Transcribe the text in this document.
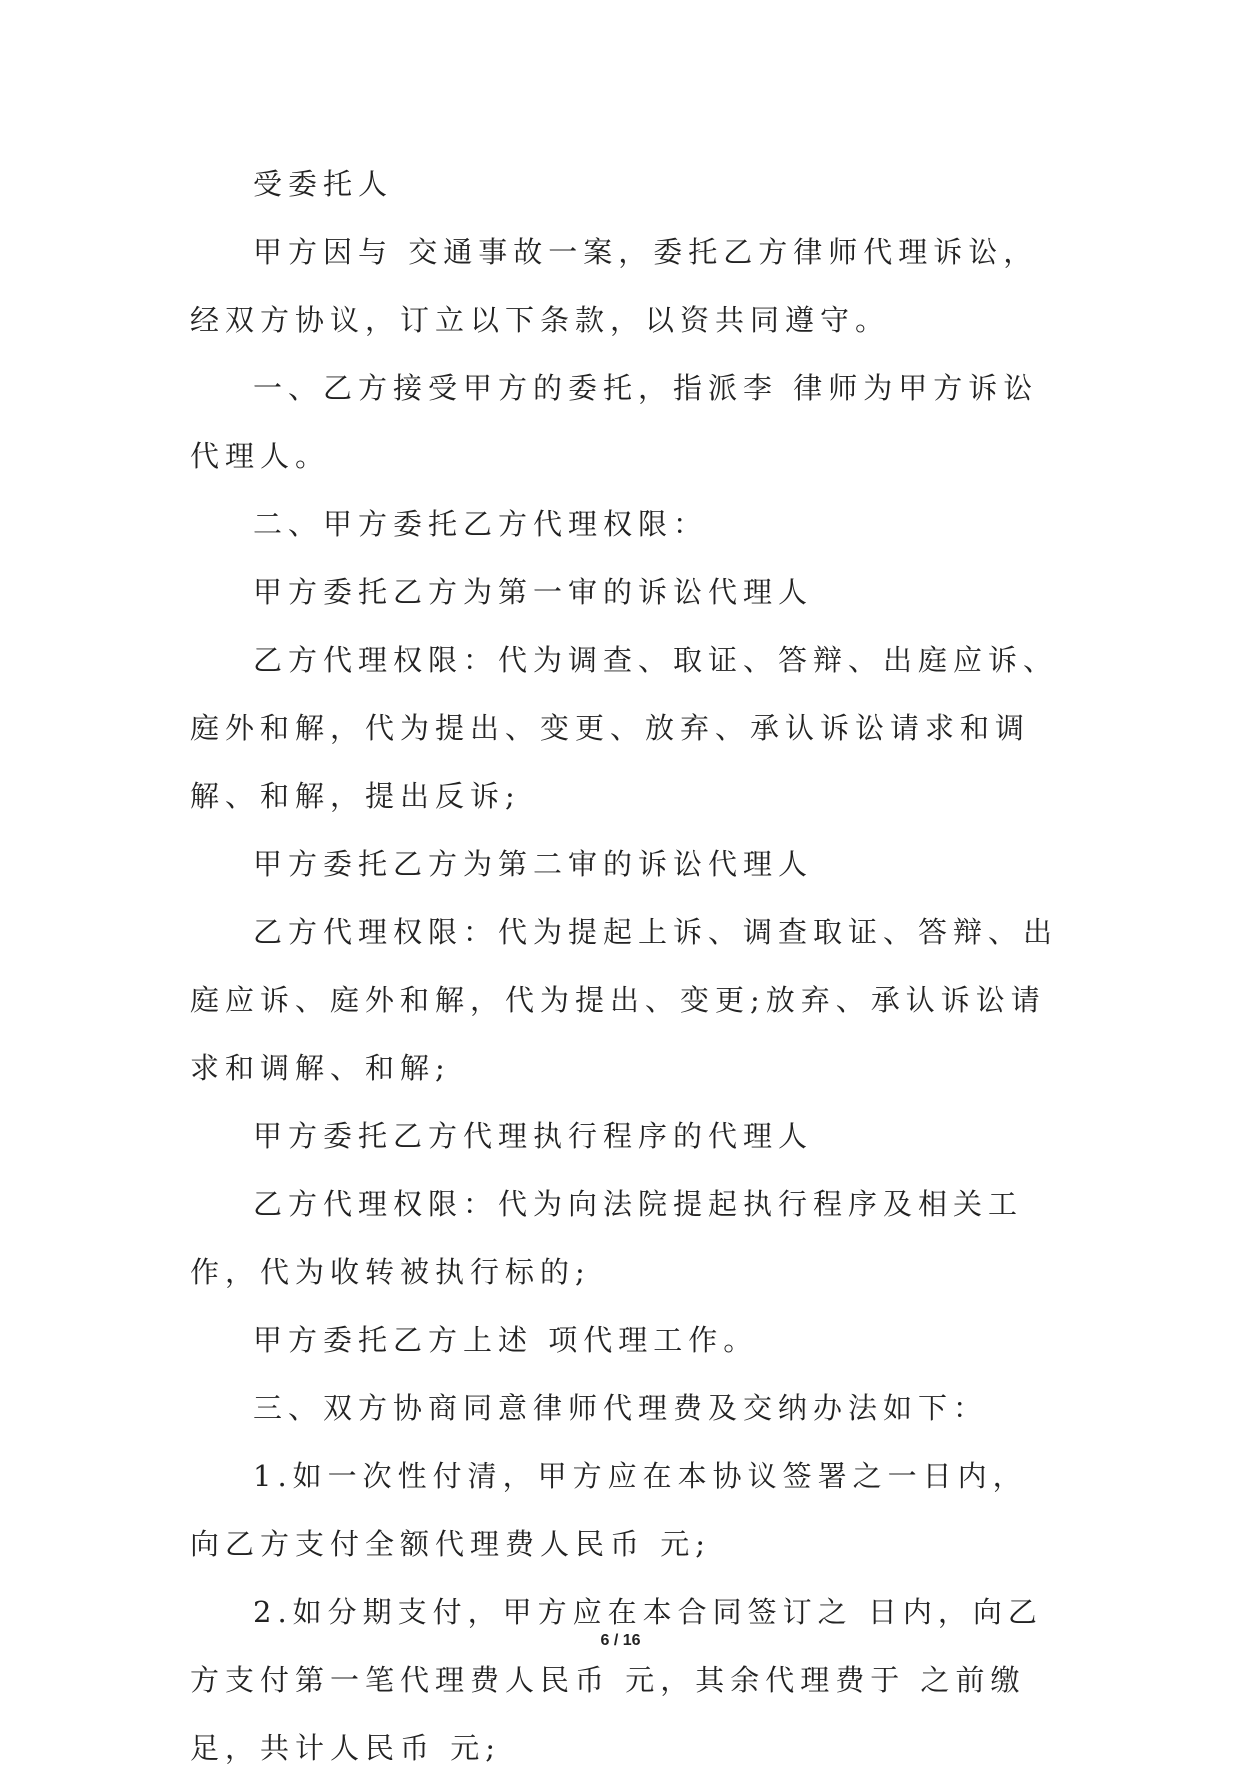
受委托人

甲方因与 交通事故一案，委托乙方律师代理诉讼，经双方协议，订立以下条款，以资共同遵守。

一、乙方接受甲方的委托，指派李 律师为甲方诉讼代理人。

二、甲方委托乙方代理权限：

甲方委托乙方为第一审的诉讼代理人

乙方代理权限：代为调查、取证、答辩、出庭应诉、庭外和解，代为提出、变更、放弃、承认诉讼请求和调解、和解，提出反诉;

甲方委托乙方为第二审的诉讼代理人

乙方代理权限：代为提起上诉、调查取证、答辩、出庭应诉、庭外和解，代为提出、变更;放弃、承认诉讼请求和调解、和解;

甲方委托乙方代理执行程序的代理人

乙方代理权限：代为向法院提起执行程序及相关工作，代为收转被执行标的;

甲方委托乙方上述 项代理工作。

三、双方协商同意律师代理费及交纳办法如下：

1.如一次性付清，甲方应在本协议签署之一日内，向乙方支付全额代理费人民币 元;

2.如分期支付，甲方应在本合同签订之 日内，向乙方支付第一笔代理费人民币 元，其余代理费于 之前缴足，共计人民币 元;

6 / 16
